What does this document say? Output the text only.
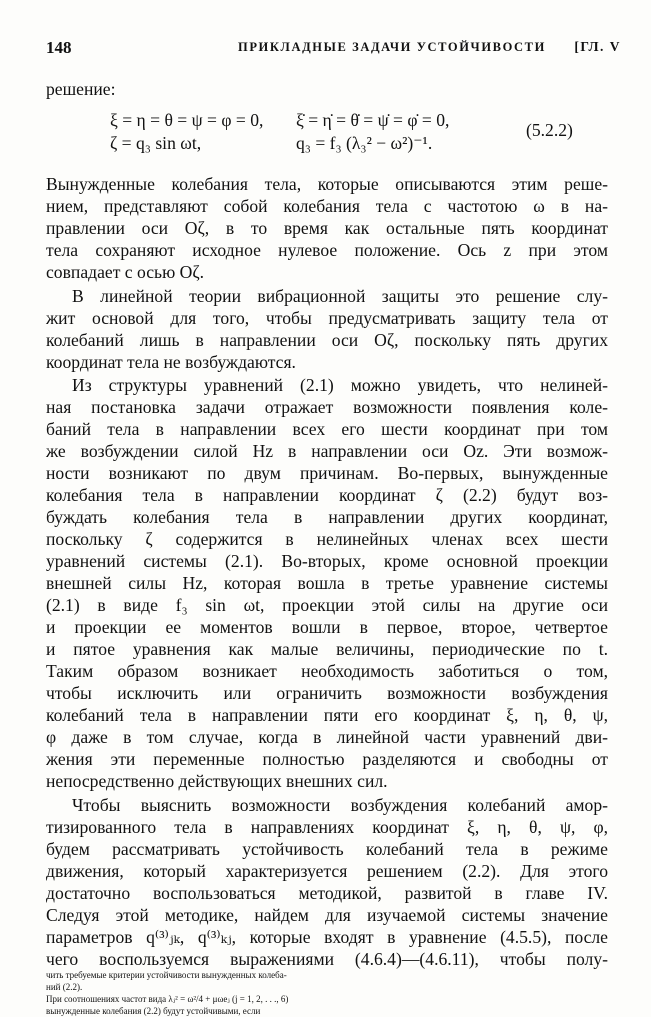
148	ПРИКЛАДНЫЕ ЗАДАЧИ УСТОЙЧИВОСТИ [ГЛ. V
решение:
ξ = η = θ = ψ = φ = 0, ξ̇ = η̇ = θ̇ = ψ̇ = φ̇ = 0,
ζ = q₃ sin ωt,	q₃ = f₃ (λ₃² − ω²)⁻¹.
(5.2.2)
Вынужденные колебания тела, которые описываются этим реше-
нием, представляют собой колебания тела с частотою ω в на-
правлении оси Oζ, в то время как остальные пять координат
тела сохраняют исходное нулевое положение. Ось z при этом
совпадает с осью Oζ.
В линейной теории вибрационной защиты это решение слу-
жит основой для того, чтобы предусматривать защиту тела от
колебаний лишь в направлении оси Oζ, поскольку пять других
координат тела не возбуждаются.
Из структуры уравнений (2.1) можно увидеть, что нелиней-
ная постановка задачи отражает возможности появления коле-
баний тела в направлении всех его шести координат при том
же возбуждении силой Hz в направлении оси Oz. Эти возмож-
ности возникают по двум причинам. Во-первых, вынужденные
колебания тела в направлении координат ζ (2.2) будут воз-
буждать колебания тела в направлении других координат,
поскольку ζ содержится в нелинейных членах всех шести
уравнений системы (2.1). Во-вторых, кроме основной проекции
внешней силы Hz, которая вошла в третье уравнение системы
(2.1) в виде f₃ sin ωt, проекции этой силы на другие оси
и проекции ее моментов вошли в первое, второе, четвертое
и пятое уравнения как малые величины, периодические по t.
Таким образом возникает необходимость заботиться о том,
чтобы исключить или ограничить возможности возбуждения
колебаний тела в направлении пяти его координат ξ, η, θ, ψ,
φ даже в том случае, когда в линейной части уравнений дви-
жения эти переменные полностью разделяются и свободны от
непосредственно действующих внешних сил.
Чтобы выяснить возможности возбуждения колебаний амор-
тизированного тела в направлениях координат ξ, η, θ, ψ, φ,
будем рассматривать устойчивость колебаний тела в режиме
движения, который характеризуется решением (2.2). Для этого
достаточно воспользоваться методикой, развитой в главе IV.
Следуя этой методике, найдем для изучаемой системы значение
параметров q⁽³⁾ⱼₖ, q⁽³⁾ₖⱼ, которые входят в уравнение (4.5.5), после
чего воспользуемся выражениями (4.6.4)—(4.6.11), чтобы полу-
чить требуемые критерии устойчивости вынужденных колеба-
ний (2.2).
При соотношениях частот вида λⱼ² = ω²/4 + μωeⱼ (j = 1, 2, . . ., 6)
вынужденные колебания (2.2) будут устойчивыми, если
